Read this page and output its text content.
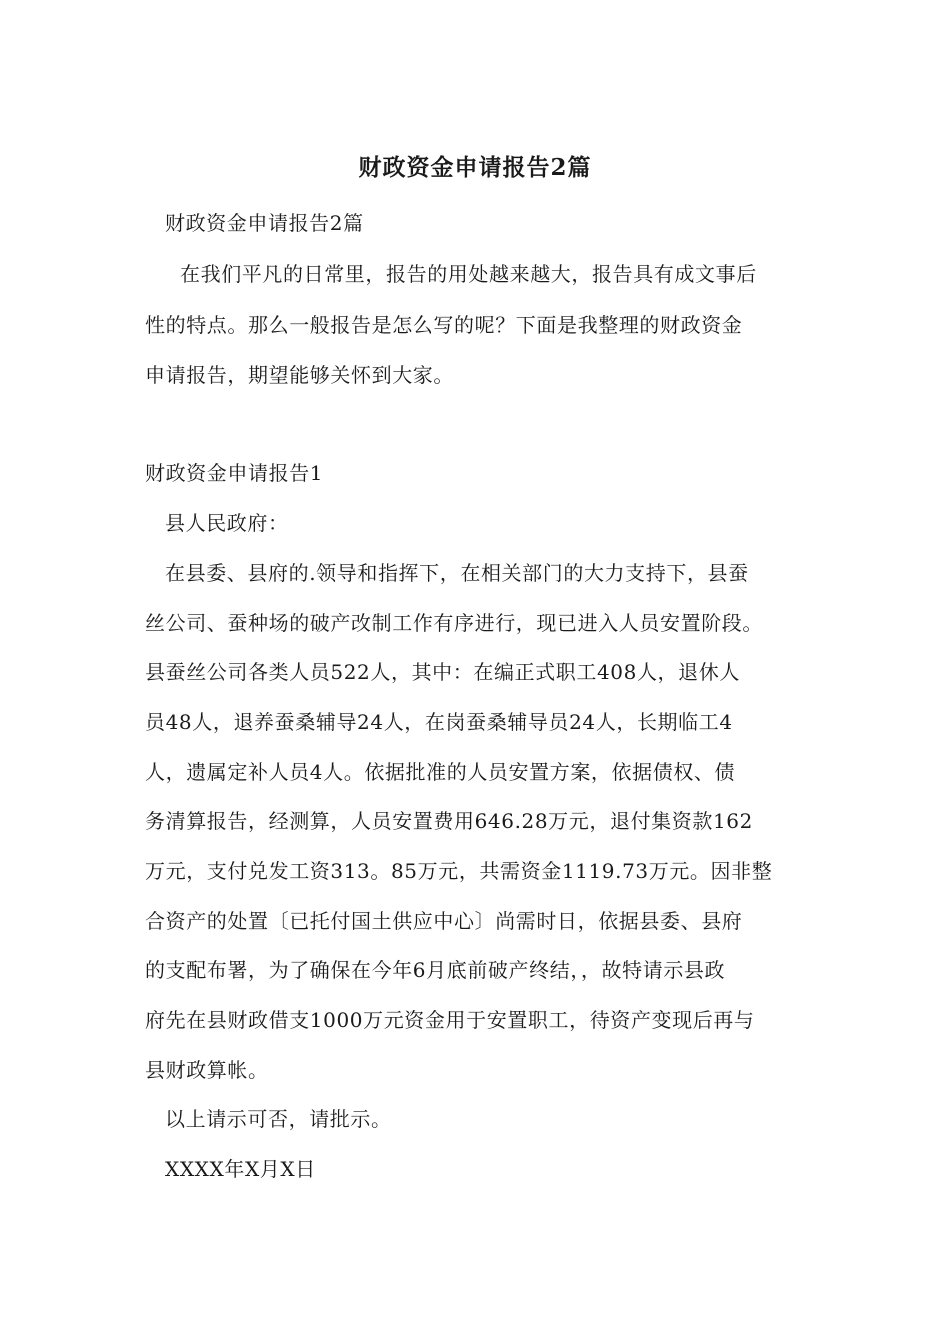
财政资金申请报告2篇
财政资金申请报告2篇
在我们平凡的日常里，报告的用处越来越大，报告具有成文事后
性的特点。那么一般报告是怎么写的呢？下面是我整理的财政资金
申请报告，期望能够关怀到大家。
财政资金申请报告1
县人民政府：
在县委、县府的.领导和指挥下，在相关部门的大力支持下，县蚕
丝公司、蚕种场的破产改制工作有序进行，现已进入人员安置阶段。
县蚕丝公司各类人员522人，其中：在编正式职工408人，退休人
员48人，退养蚕桑辅导24人，在岗蚕桑辅导员24人，长期临工4
人，遗属定补人员4人。依据批准的人员安置方案，依据债权、债
务清算报告，经测算，人员安置费用646.28万元，退付集资款162
万元，支付兑发工资313。85万元，共需资金1119.73万元。因非整
合资产的处置〔已托付国土供应中心〕尚需时日，依据县委、县府
的支配布署，为了确保在今年6月底前破产终结，，故特请示县政
府先在县财政借支1000万元资金用于安置职工，待资产变现后再与
县财政算帐。
以上请示可否，请批示。
XXXX年X月X日
